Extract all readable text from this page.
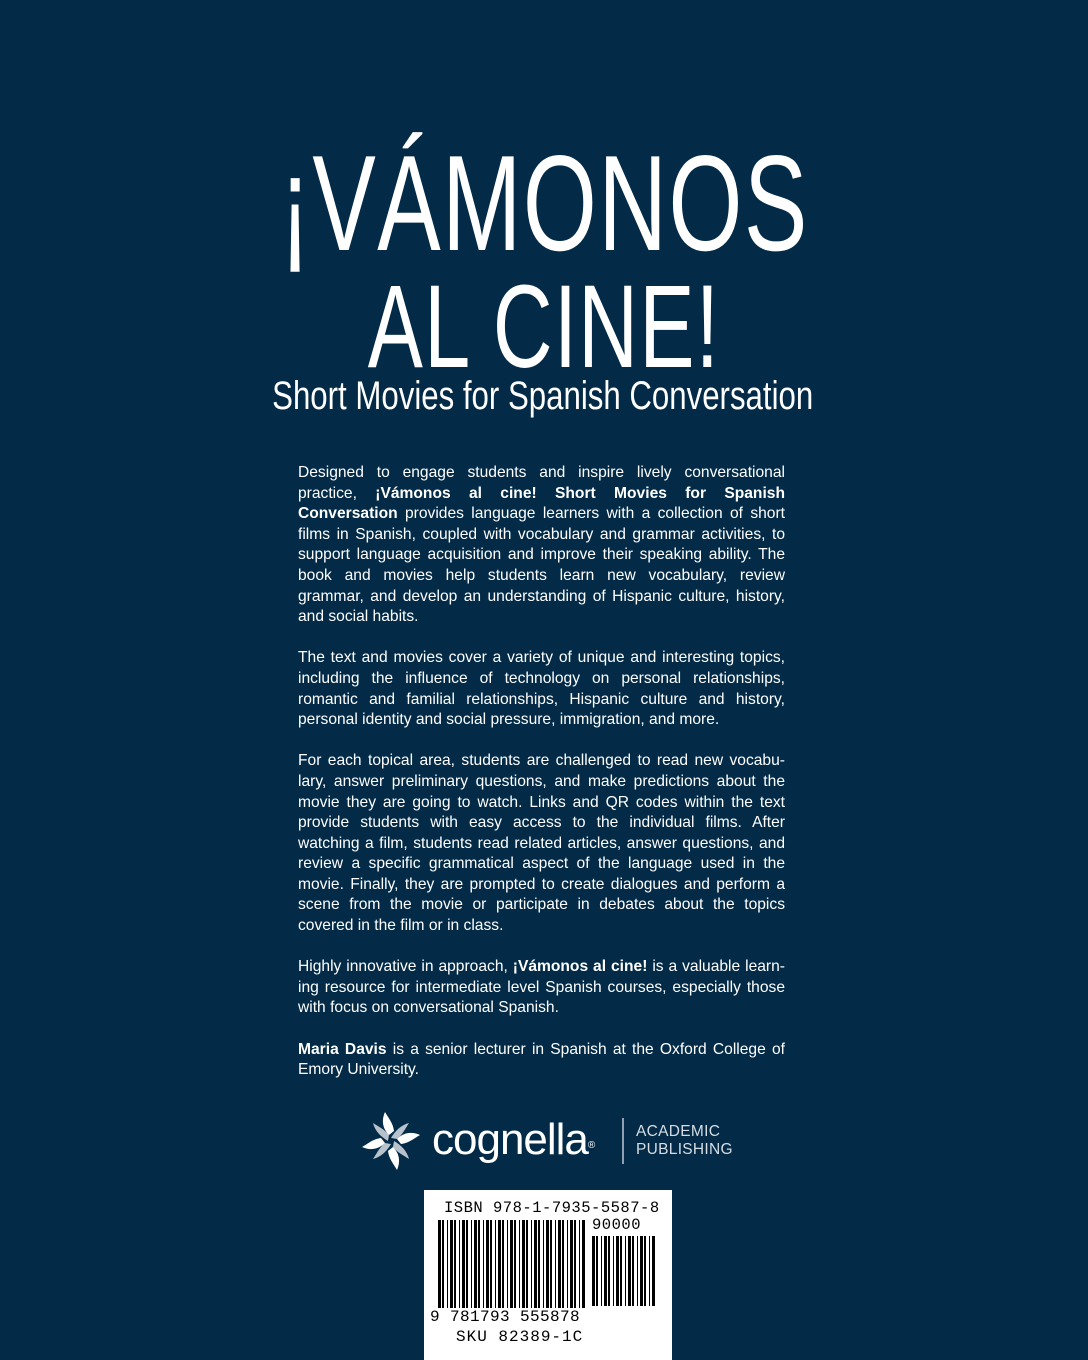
¡VÁMONOS
AL CINE!
Short Movies for Spanish Conversation

Designed to engage students and inspire lively conversational practice, ¡Vámonos al cine! Short Movies for Spanish Conversation provides language learners with a collection of short films in Spanish, coupled with vocabulary and grammar activities, to support language acquisition and improve their speaking ability. The book and movies help students learn new vocabulary, review grammar, and develop an understanding of Hispanic culture, history, and social habits.

The text and movies cover a variety of unique and interesting topics, including the influence of technology on personal relationships, romantic and familial relationships, Hispanic culture and history, personal identity and social pressure, immigration, and more.

For each topical area, students are challenged to read new vocabulary, answer preliminary questions, and make predictions about the movie they are going to watch. Links and QR codes within the text provide students with easy access to the individual films. After watching a film, students read related articles, answer questions, and review a specific grammatical aspect of the language used in the movie. Finally, they are prompted to create dialogues and perform a scene from the movie or participate in debates about the topics covered in the film or in class.

Highly innovative in approach, ¡Vámonos al cine! is a valuable learning resource for intermediate level Spanish courses, especially those with focus on conversational Spanish.

Maria Davis is a senior lecturer in Spanish at the Oxford College of Emory University.

cognella®
ACADEMIC
PUBLISHING
ISBN 978-1-7935-5587-8
90000
9 781793 555878
SKU 82389-1C
